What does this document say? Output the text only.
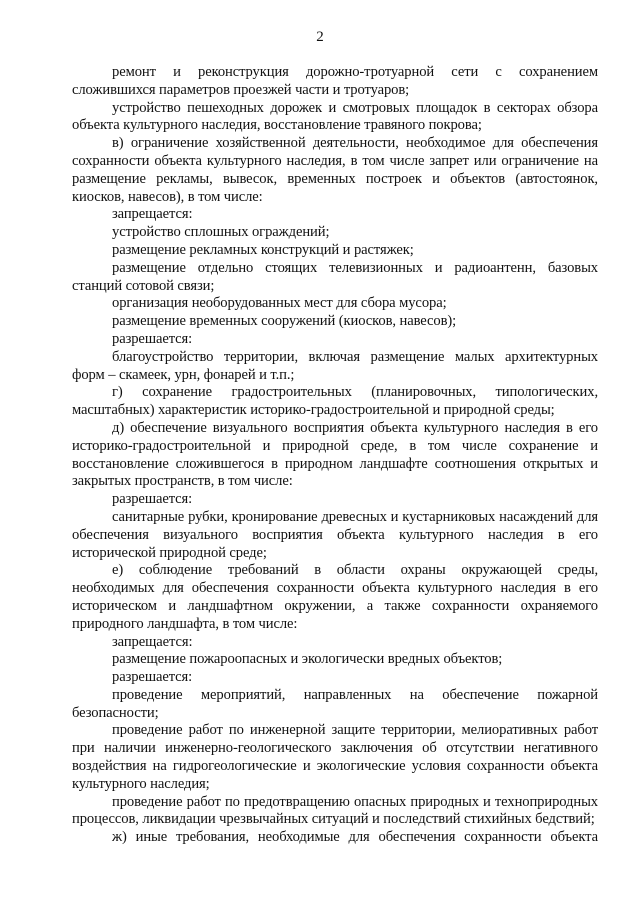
2

ремонт и реконструкция дорожно-тротуарной сети с сохранением сложившихся параметров проезжей части и тротуаров;

устройство пешеходных дорожек и смотровых площадок в секторах обзора объекта культурного наследия, восстановление травяного покрова;

в) ограничение хозяйственной деятельности, необходимое для обеспечения сохранности объекта культурного наследия, в том числе запрет или ограничение на размещение рекламы, вывесок, временных построек и объектов (автостоянок, киосков, навесов), в том числе:

запрещается:

устройство сплошных ограждений;

размещение рекламных конструкций и растяжек;

размещение отдельно стоящих телевизионных и радиоантенн, базовых станций сотовой связи;

организация необорудованных мест для сбора мусора;

размещение временных сооружений (киосков, навесов);

разрешается:

благоустройство территории, включая размещение малых архитектурных форм – скамеек, урн, фонарей и т.п.;

г) сохранение градостроительных (планировочных, типологических, масштабных) характеристик историко-градостроительной и природной среды;

д) обеспечение визуального восприятия объекта культурного наследия в его историко-градостроительной и природной среде, в том числе сохранение и восстановление сложившегося в природном ландшафте соотношения открытых и закрытых пространств, в том числе:

разрешается:

санитарные рубки, кронирование древесных и кустарниковых насаждений для обеспечения визуального восприятия объекта культурного наследия в его исторической природной среде;

е) соблюдение требований в области охраны окружающей среды, необходимых для обеспечения сохранности объекта культурного наследия в его историческом и ландшафтном окружении, а также сохранности охраняемого природного ландшафта, в том числе:

запрещается:

размещение пожароопасных и экологически вредных объектов;

разрешается:

проведение мероприятий, направленных на обеспечение пожарной безопасности;

проведение работ по инженерной защите территории, мелиоративных работ при наличии инженерно-геологического заключения об отсутствии негативного воздействия на гидрогеологические и экологические условия сохранности объекта культурного наследия;

проведение работ по предотвращению опасных природных и техноприродных процессов, ликвидации чрезвычайных ситуаций и последствий стихийных бедствий;

ж) иные требования, необходимые для обеспечения сохранности объекта
